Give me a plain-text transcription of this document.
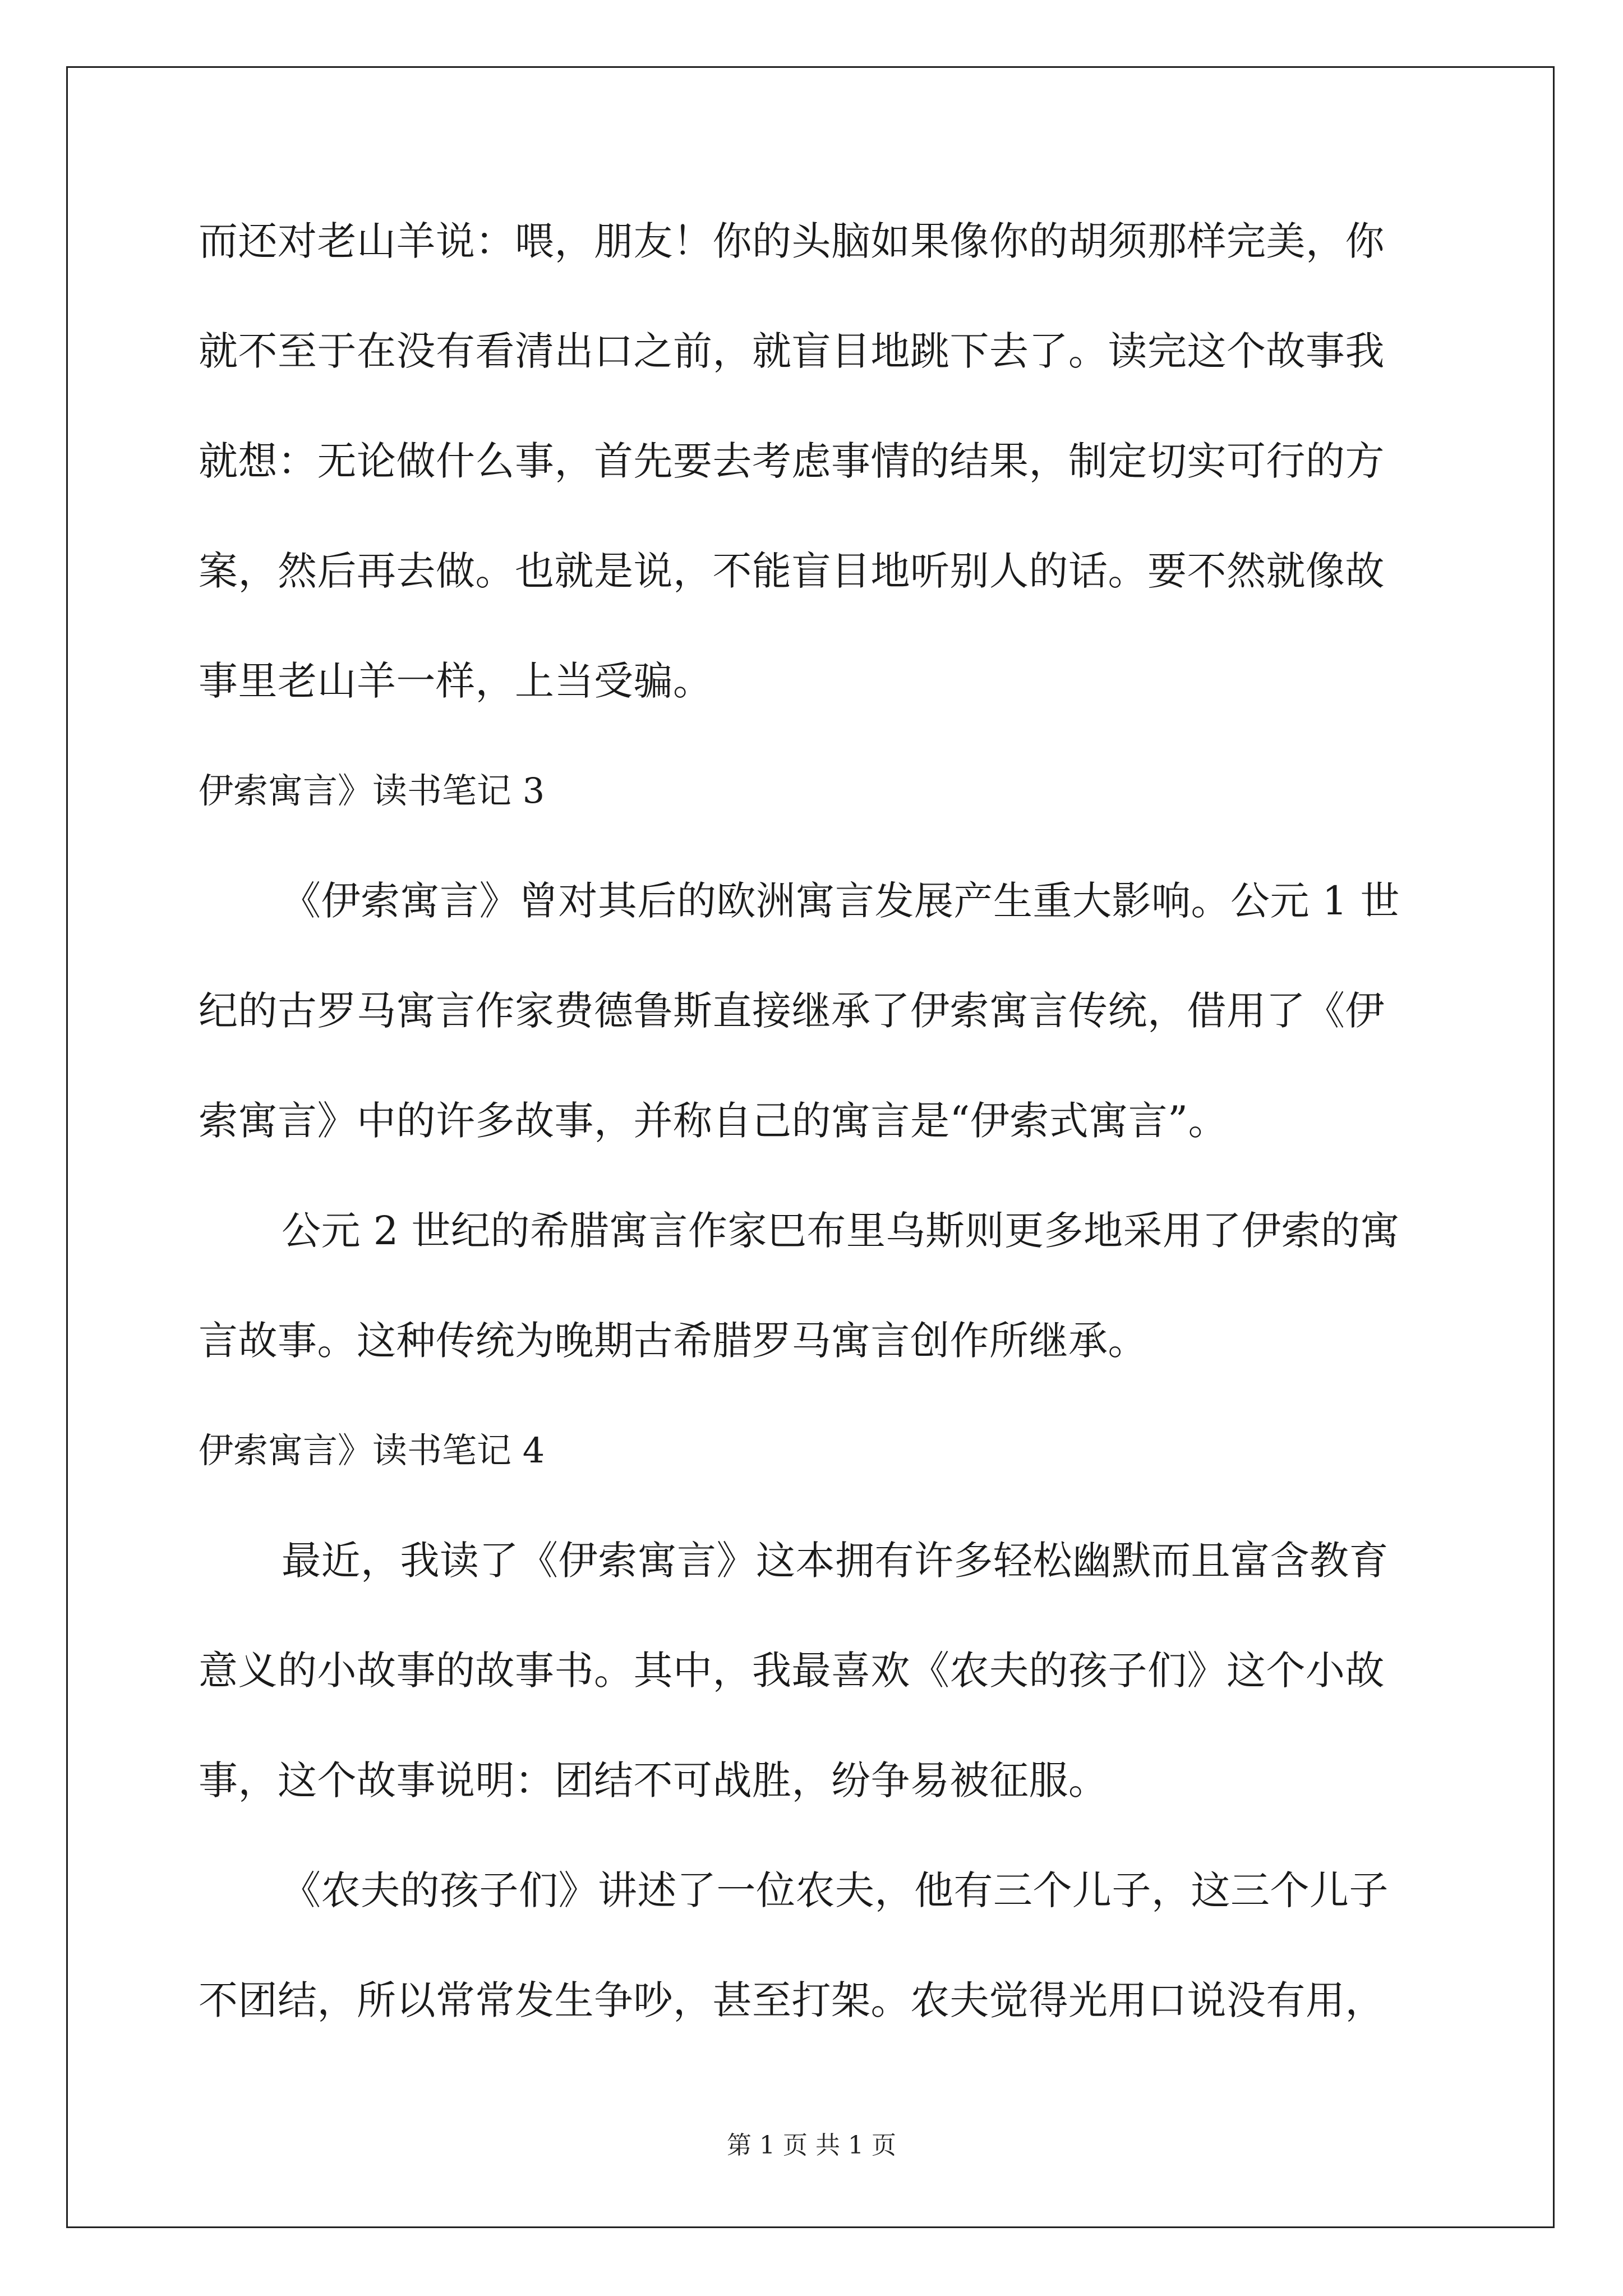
而还对老山羊说：喂，朋友！你的头脑如果像你的胡须那样完美，你
就不至于在没有看清出口之前，就盲目地跳下去了。读完这个故事我
就想：无论做什么事，首先要去考虑事情的结果，制定切实可行的方
案，然后再去做。也就是说，不能盲目地听别人的话。要不然就像故
事里老山羊一样，上当受骗。
伊索寓言》读书笔记 3
《伊索寓言》曾对其后的欧洲寓言发展产生重大影响。公元 1 世
纪的古罗马寓言作家费德鲁斯直接继承了伊索寓言传统，借用了《伊
索寓言》中的许多故事，并称自己的寓言是“伊索式寓言”。
公元 2 世纪的希腊寓言作家巴布里乌斯则更多地采用了伊索的寓
言故事。这种传统为晚期古希腊罗马寓言创作所继承。
伊索寓言》读书笔记 4
最近，我读了《伊索寓言》这本拥有许多轻松幽默而且富含教育
意义的小故事的故事书。其中，我最喜欢《农夫的孩子们》这个小故
事，这个故事说明：团结不可战胜，纷争易被征服。
《农夫的孩子们》讲述了一位农夫，他有三个儿子，这三个儿子
不团结，所以常常发生争吵，甚至打架。农夫觉得光用口说没有用，
第 1 页 共 1 页
